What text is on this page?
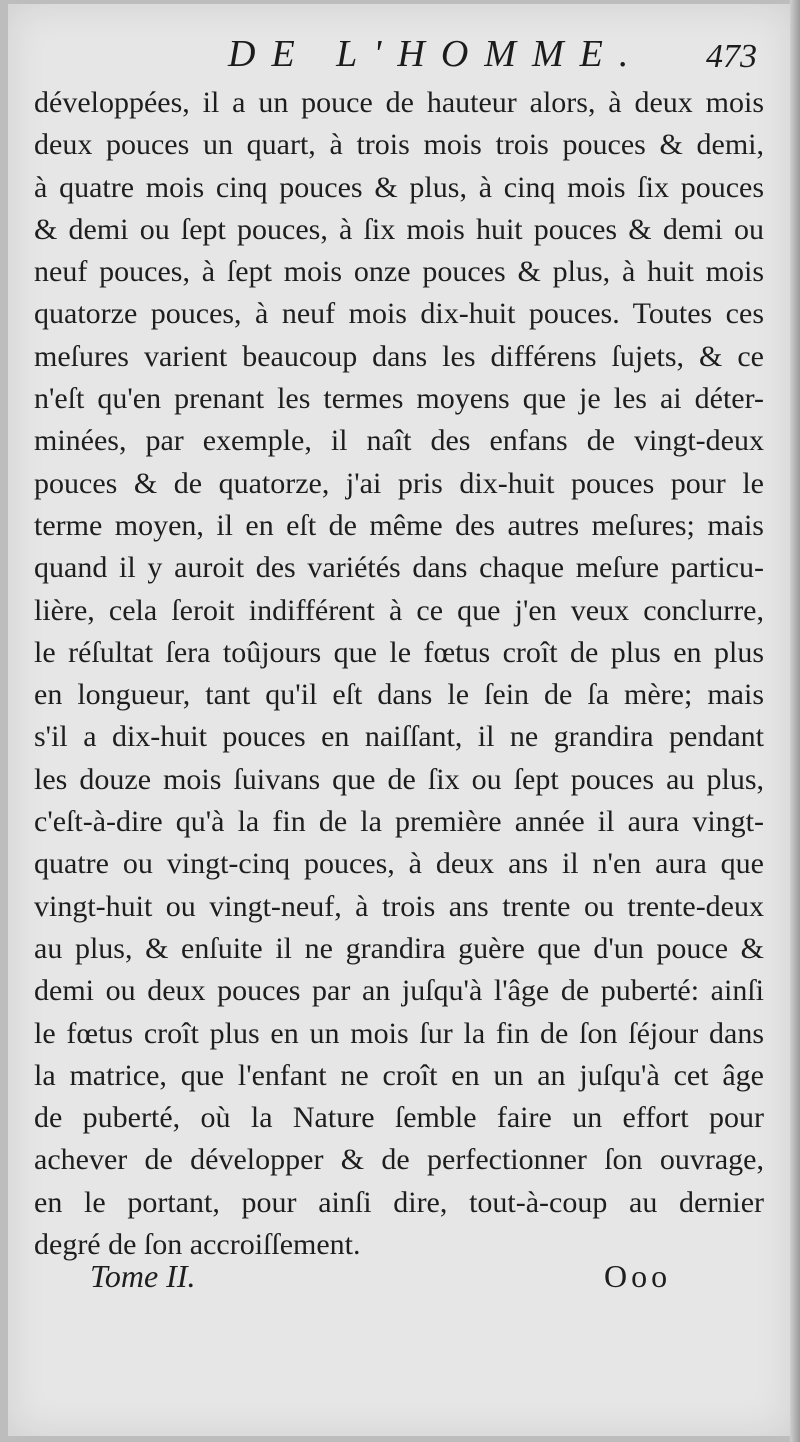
DE L'HOMME. 473
développées, il a un pouce de hauteur alors, à deux mois
deux pouces un quart, à trois mois trois pouces & demi,
à quatre mois cinq pouces & plus, à cinq mois ſix pouces
& demi ou ſept pouces, à ſix mois huit pouces & demi ou
neuf pouces, à ſept mois onze pouces & plus, à huit mois
quatorze pouces, à neuf mois dix-huit pouces. Toutes ces
meſures varient beaucoup dans les différens ſujets, & ce
n'eſt qu'en prenant les termes moyens que je les ai déter-
minées, par exemple, il naît des enfans de vingt-deux
pouces & de quatorze, j'ai pris dix-huit pouces pour le
terme moyen, il en eſt de même des autres meſures; mais
quand il y auroit des variétés dans chaque meſure particu-
lière, cela ſeroit indifférent à ce que j'en veux conclurre,
le réſultat ſera toûjours que le fœtus croît de plus en plus
en longueur, tant qu'il eſt dans le ſein de ſa mère; mais
s'il a dix-huit pouces en naiſſant, il ne grandira pendant
les douze mois ſuivans que de ſix ou ſept pouces au plus,
c'eſt-à-dire qu'à la fin de la première année il aura vingt-
quatre ou vingt-cinq pouces, à deux ans il n'en aura que
vingt-huit ou vingt-neuf, à trois ans trente ou trente-deux
au plus, & enſuite il ne grandira guère que d'un pouce &
demi ou deux pouces par an juſqu'à l'âge de puberté: ainſi
le fœtus croît plus en un mois ſur la fin de ſon ſéjour dans
la matrice, que l'enfant ne croît en un an juſqu'à cet âge
de puberté, où la Nature ſemble faire un effort pour
achever de développer & de perfectionner ſon ouvrage,
en le portant, pour ainſi dire, tout-à-coup au dernier
degré de ſon accroiſſement.
Tome II.	Ooo
